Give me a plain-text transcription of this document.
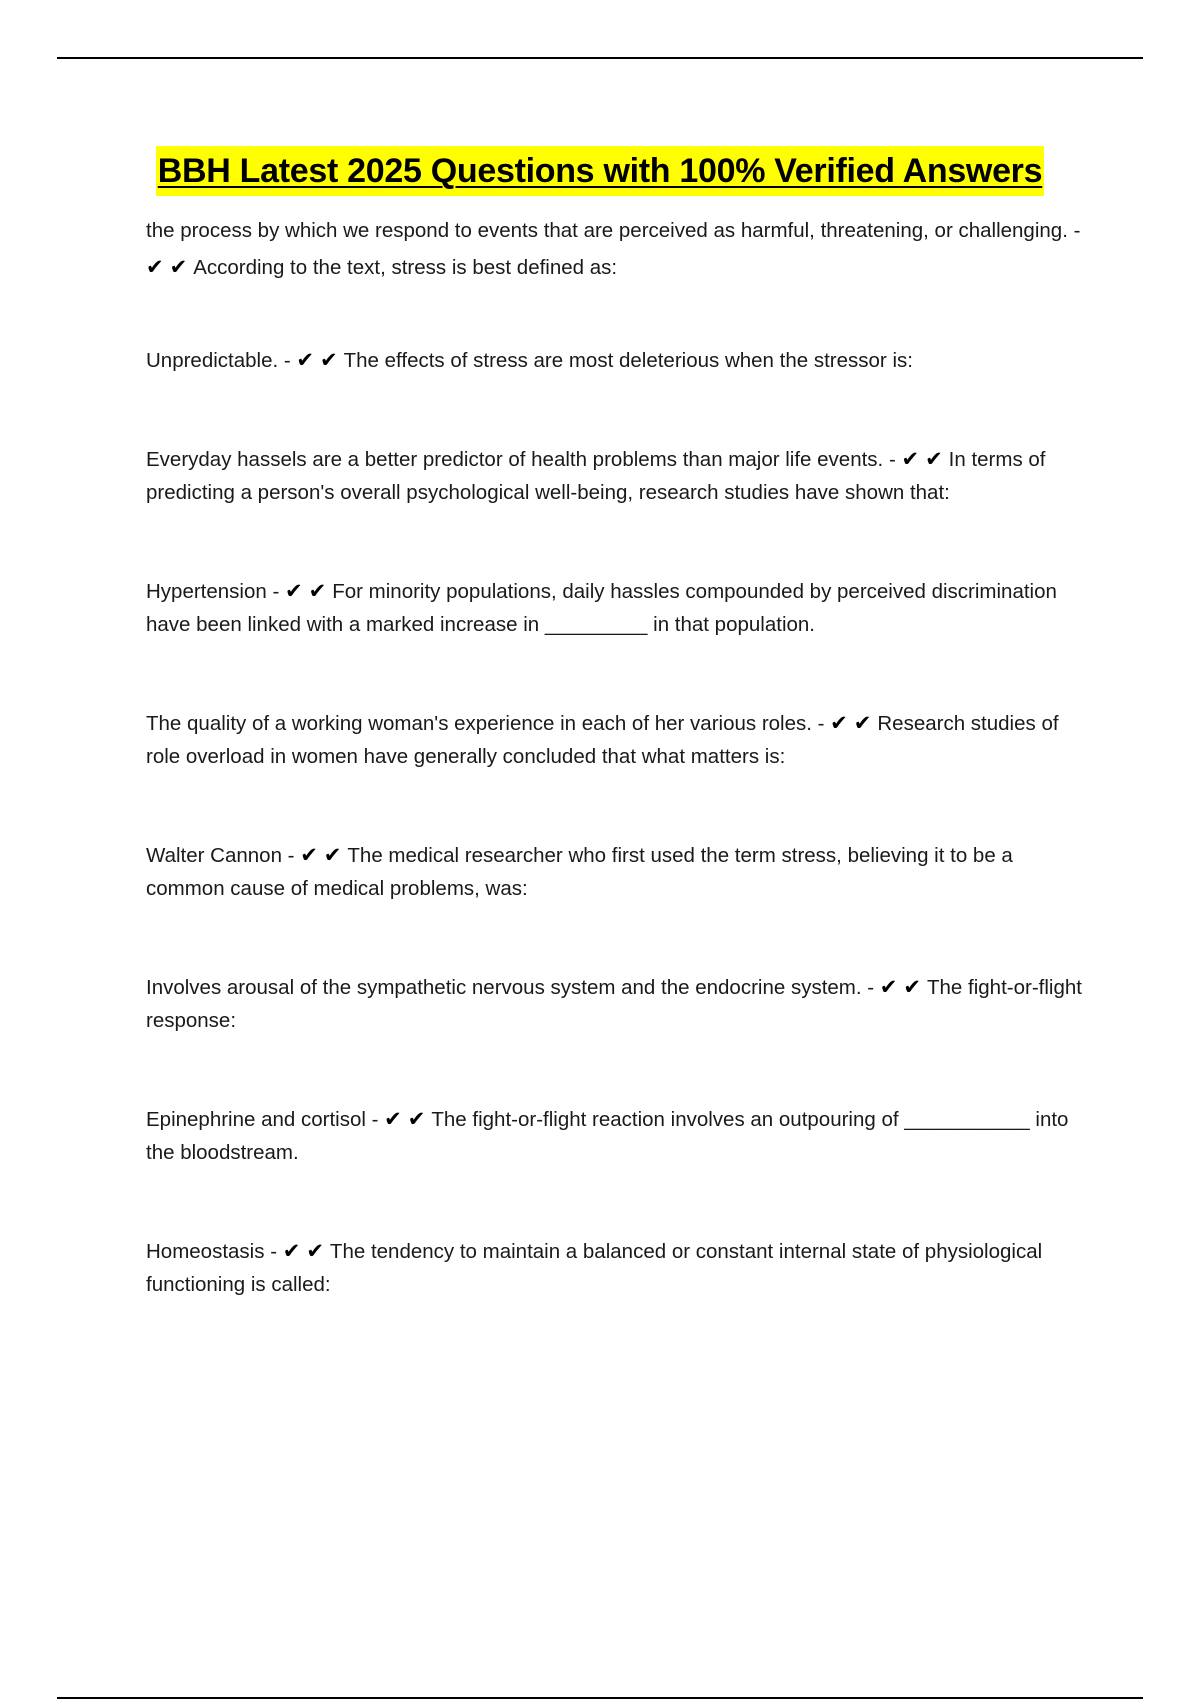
BBH Latest 2025 Questions with 100% Verified Answers

the process by which we respond to events that are perceived as harmful, threatening, or challenging. - ✔✔According to the text, stress is best defined as:

Unpredictable. - ✔✔The effects of stress are most deleterious when the stressor is:

Everyday hassels are a better predictor of health problems than major life events. - ✔✔In terms of predicting a person's overall psychological well-being, research studies have shown that:

Hypertension - ✔✔For minority populations, daily hassles compounded by perceived discrimination have been linked with a marked increase in _________ in that population.

The quality of a working woman's experience in each of her various roles. - ✔✔Research studies of role overload in women have generally concluded that what matters is:

Walter Cannon - ✔✔The medical researcher who first used the term stress, believing it to be a common cause of medical problems, was:

Involves arousal of the sympathetic nervous system and the endocrine system. - ✔✔The fight-or-flight response:

Epinephrine and cortisol - ✔✔The fight-or-flight reaction involves an outpouring of ___________ into the bloodstream.

Homeostasis - ✔✔The tendency to maintain a balanced or constant internal state of physiological functioning is called:
